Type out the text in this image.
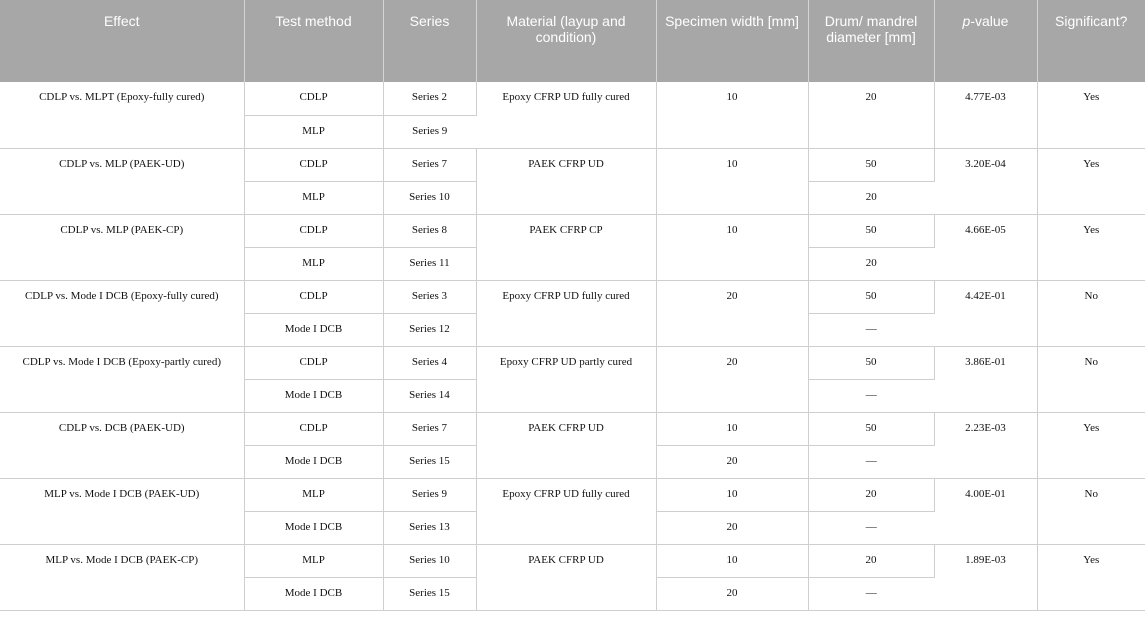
Effect	Test method	Series	Material (layup and condition)	Specimen width [mm]	Drum/ mandrel diameter [mm]	p-value	Significant?
CDLP vs. MLPT (Epoxy-fully cured)	CDLP	Series 2	Epoxy CFRP UD fully cured	10	20	4.77E-03	Yes
	MLP	Series 9					
CDLP vs. MLP (PAEK-UD)	CDLP	Series 7	PAEK CFRP UD	10	50	3.20E-04	Yes
	MLP	Series 10			20		
CDLP vs. MLP (PAEK-CP)	CDLP	Series 8	PAEK CFRP CP	10	50	4.66E-05	Yes
	MLP	Series 11			20		
CDLP vs. Mode I DCB (Epoxy-fully cured)	CDLP	Series 3	Epoxy CFRP UD fully cured	20	50	4.42E-01	No
	Mode I DCB	Series 12			—		
CDLP vs. Mode I DCB (Epoxy-partly cured)	CDLP	Series 4	Epoxy CFRP UD partly cured	20	50	3.86E-01	No
	Mode I DCB	Series 14			—		
CDLP vs. DCB (PAEK-UD)	CDLP	Series 7	PAEK CFRP UD	10	50	2.23E-03	Yes
	Mode I DCB	Series 15		20	—		
MLP vs. Mode I DCB (PAEK-UD)	MLP	Series 9	Epoxy CFRP UD fully cured	10	20	4.00E-01	No
	Mode I DCB	Series 13		20	—		
MLP vs. Mode I DCB (PAEK-CP)	MLP	Series 10	PAEK CFRP UD	10	20	1.89E-03	Yes
	Mode I DCB	Series 15		20	—		
